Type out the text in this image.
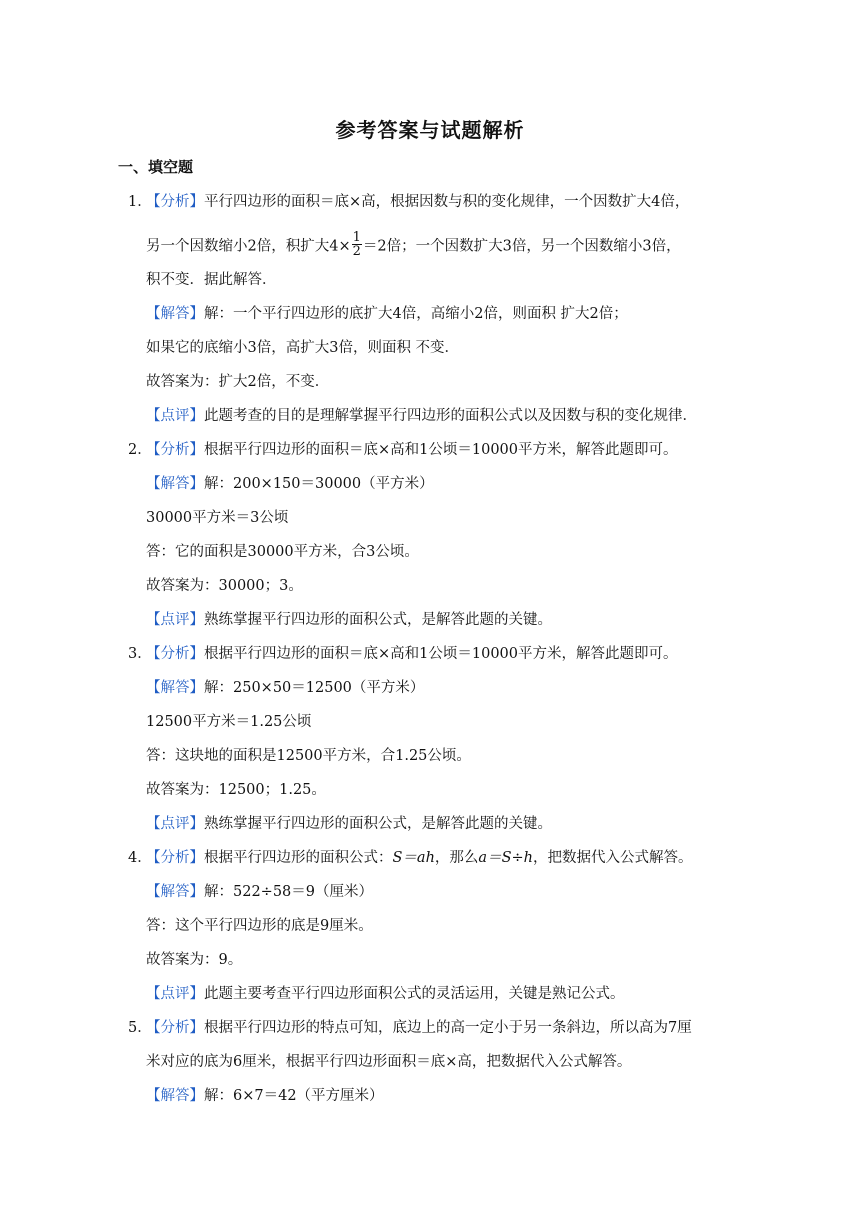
参考答案与试题解析
一、填空题
1．
【分析】平行四边形的面积＝底×高，根据因数与积的变化规律，一个因数扩大4倍，
另一个因数缩小2倍，积扩大$4\times \frac{1}{2} =2$倍；一个因数扩大3倍，另一个因数缩小3倍，
积不变．据此解答．
【解答】解：一个平行四边形的底扩大4倍，高缩小2倍，则面积 扩大2倍；
如果它的底缩小3倍，高扩大3倍，则面积 不变．
故答案为：扩大2倍，不变．
【点评】此题考查的目的是理解掌握平行四边形的面积公式以及因数与积的变化规律．
2．
【分析】根据平行四边形的面积＝底×高和1公顷＝10000平方米，解答此题即可。
【解答】解：200×150＝30000（平方米）
30000平方米＝3公顷
答：它的面积是30000平方米，合3公顷。
故答案为：30000；3。
【点评】熟练掌握平行四边形的面积公式，是解答此题的关键。
3．
【分析】根据平行四边形的面积＝底×高和1公顷＝10000平方米，解答此题即可。
【解答】解：250×50＝12500（平方米）
12500平方米＝1.25公顷
答：这块地的面积是12500平方米，合1.25公顷。
故答案为：12500；1.25。
【点评】熟练掌握平行四边形的面积公式，是解答此题的关键。
4．
【分析】根据平行四边形的面积公式：S＝ah，那么a＝S÷h，把数据代入公式解答。
【解答】解：522÷58＝9（厘米）
答：这个平行四边形的底是9厘米。
故答案为：9。
【点评】此题主要考查平行四边形面积公式的灵活运用，关键是熟记公式。
5．
【分析】根据平行四边形的特点可知，底边上的高一定小于另一条斜边，所以高为7厘
米对应的底为6厘米，根据平行四边形面积＝底×高，把数据代入公式解答。
【解答】解：6×7＝42（平方厘米）
